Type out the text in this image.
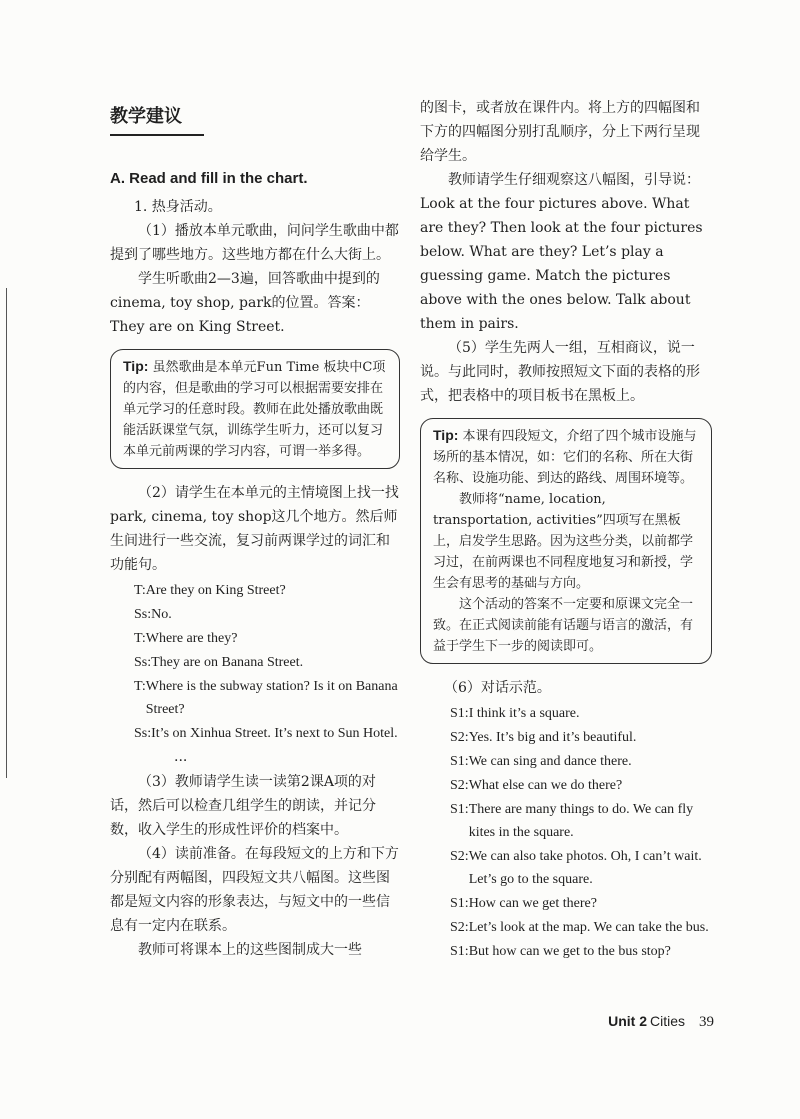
教学建议
A. Read and fill in the chart.

1. 热身活动。

（1）播放本单元歌曲，问问学生歌曲中都提到了哪些地方。这些地方都在什么大街上。

学生听歌曲2—3遍，回答歌曲中提到的cinema, toy shop, park的位置。答案：They are on King Street.

Tip: 虽然歌曲是本单元Fun Time 板块中C项的内容，但是歌曲的学习可以根据需要安排在单元学习的任意时段。教师在此处播放歌曲既能活跃课堂气氛，训练学生听力，还可以复习本单元前两课的学习内容，可谓一举多得。

（2）请学生在本单元的主情境图上找一找park, cinema, toy shop这几个地方。然后师生间进行一些交流，复习前两课学过的词汇和功能句。

T: Are they on King Street?
Ss: No.
T: Where are they?
Ss: They are on Banana Street.
T: Where is the subway station? Is it on Banana Street?
Ss: It’s on Xinhua Street. It’s next to Sun Hotel.
...

（3）教师请学生读一读第2课A项的对话，然后可以检查几组学生的朗读，并记分数，收入学生的形成性评价的档案中。

（4）读前准备。在每段短文的上方和下方分别配有两幅图，四段短文共八幅图。这些图都是短文内容的形象表达，与短文中的一些信息有一定内在联系。

教师可将课本上的这些图制成大一些

的图卡，或者放在课件内。将上方的四幅图和下方的四幅图分别打乱顺序，分上下两行呈现给学生。

教师请学生仔细观察这八幅图，引导说：Look at the four pictures above. What are they? Then look at the four pictures below. What are they? Let’s play a guessing game. Match the pictures above with the ones below. Talk about them in pairs.

（5）学生先两人一组，互相商议，说一说。与此同时，教师按照短文下面的表格的形式，把表格中的项目板书在黑板上。

Tip: 本课有四段短文，介绍了四个城市设施与场所的基本情况，如：它们的名称、所在大街名称、设施功能、到达的路线、周围环境等。

教师将“name, location, transportation, activities”四项写在黑板上，启发学生思路。因为这些分类，以前都学习过，在前两课也不同程度地复习和新授，学生会有思考的基础与方向。

这个活动的答案不一定要和原课文完全一致。在正式阅读前能有话题与语言的激活，有益于学生下一步的阅读即可。

（6）对话示范。

S1: I think it’s a square.
S2: Yes. It’s big and it’s beautiful.
S1: We can sing and dance there.
S2: What else can we do there?
S1: There are many things to do. We can fly kites in the square.
S2: We can also take photos. Oh, I can’t wait. Let’s go to the square.
S1: How can we get there?
S2: Let’s look at the map. We can take the bus.
S1: But how can we get to the bus stop?
Unit 2 Cities 39
